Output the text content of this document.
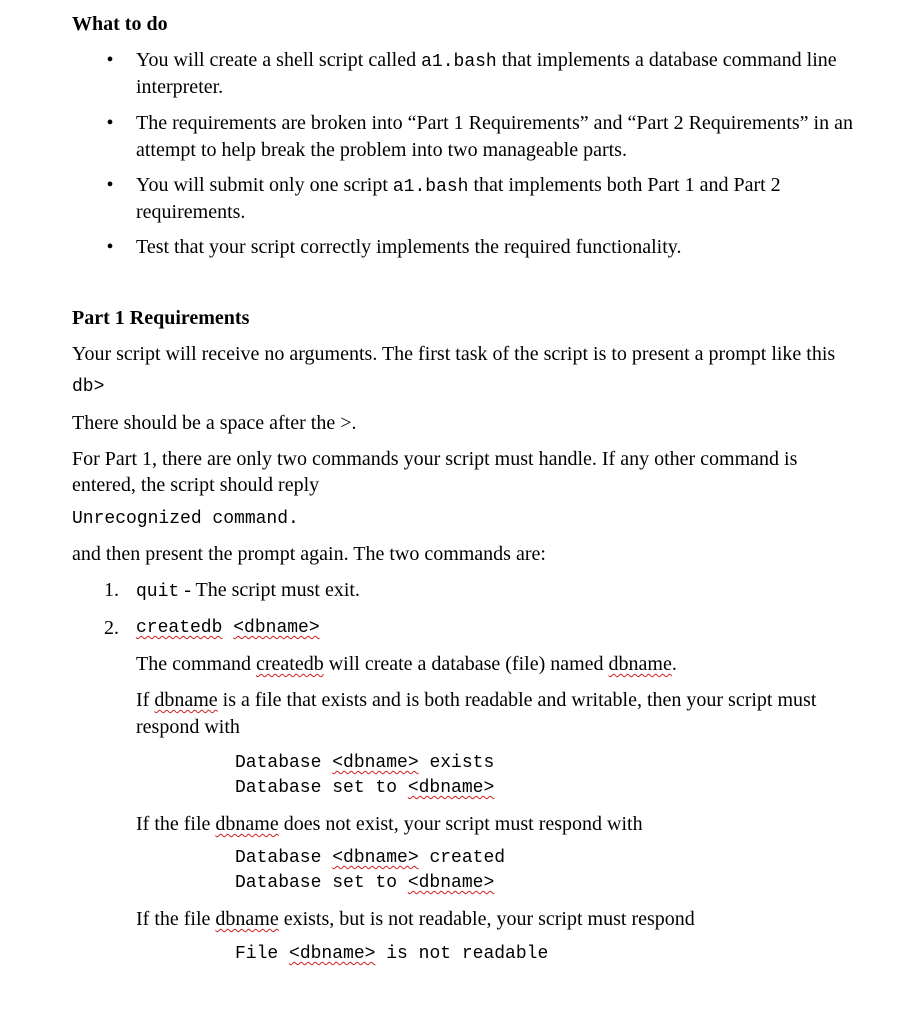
What to do
• You will create a shell script called a1.bash that implements a database command line
interpreter.
• The requirements are broken into “Part 1 Requirements” and “Part 2 Requirements” in an
attempt to help break the problem into two manageable parts.
• You will submit only one script a1.bash that implements both Part 1 and Part 2
requirements.
• Test that your script correctly implements the required functionality.
Part 1 Requirements
Your script will receive no arguments. The first task of the script is to present a prompt like this
db>
There should be a space after the >.
For Part 1, there are only two commands your script must handle. If any other command is
entered, the script should reply
Unrecognized command.
and then present the prompt again. The two commands are:
1. quit - The script must exit.
2. createdb <dbname>
The command createdb will create a database (file) named dbname.
If dbname is a file that exists and is both readable and writable, then your script must
respond with
Database <dbname> exists
Database set to <dbname>
If the file dbname does not exist, your script must respond with
Database <dbname> created
Database set to <dbname>
If the file dbname exists, but is not readable, your script must respond
File <dbname> is not readable
